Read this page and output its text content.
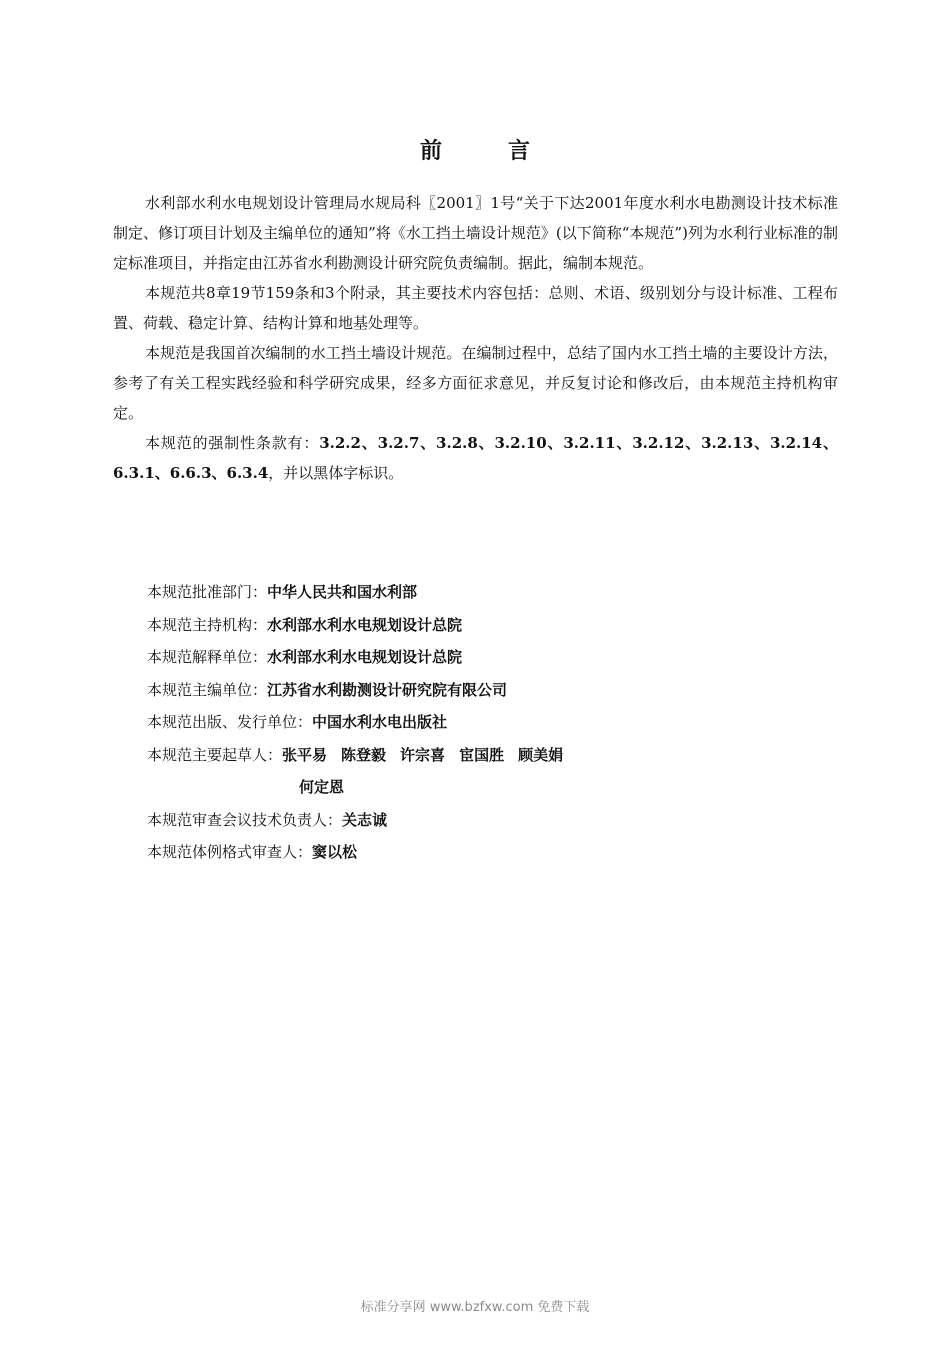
前　言

水利部水利水电规划设计管理局水规局科〖2001〗1号“关于下达2001年度水利水电勘测设计技术标准制定、修订项目计划及主编单位的通知”将《水工挡土墙设计规范》(以下简称“本规范”)列为水利行业标准的制定标准项目，并指定由江苏省水利勘测设计研究院负责编制。据此，编制本规范。

本规范共8章19节159条和3个附录，其主要技术内容包括：总则、术语、级别划分与设计标准、工程布置、荷载、稳定计算、结构计算和地基处理等。

本规范是我国首次编制的水工挡土墙设计规范。在编制过程中，总结了国内水工挡土墙的主要设计方法，参考了有关工程实践经验和科学研究成果，经多方面征求意见，并反复讨论和修改后，由本规范主持机构审定。

本规范的强制性条款有：3.2.2、3.2.7、3.2.8、3.2.10、3.2.11、3.2.12、3.2.13、3.2.14、6.3.1、6.6.3、6.3.4，并以黑体字标识。

本规范批准部门：中华人民共和国水利部
本规范主持机构：水利部水利水电规划设计总院
本规范解释单位：水利部水利水电规划设计总院
本规范主编单位：江苏省水利勘测设计研究院有限公司
本规范出版、发行单位：中国水利水电出版社
本规范主要起草人：张平易 陈登毅 许宗喜 宦国胜 顾美娟
何定恩
本规范审查会议技术负责人：关志诚
本规范体例格式审查人：窦以松
标准分享网 www.bzfxw.com 免费下载
